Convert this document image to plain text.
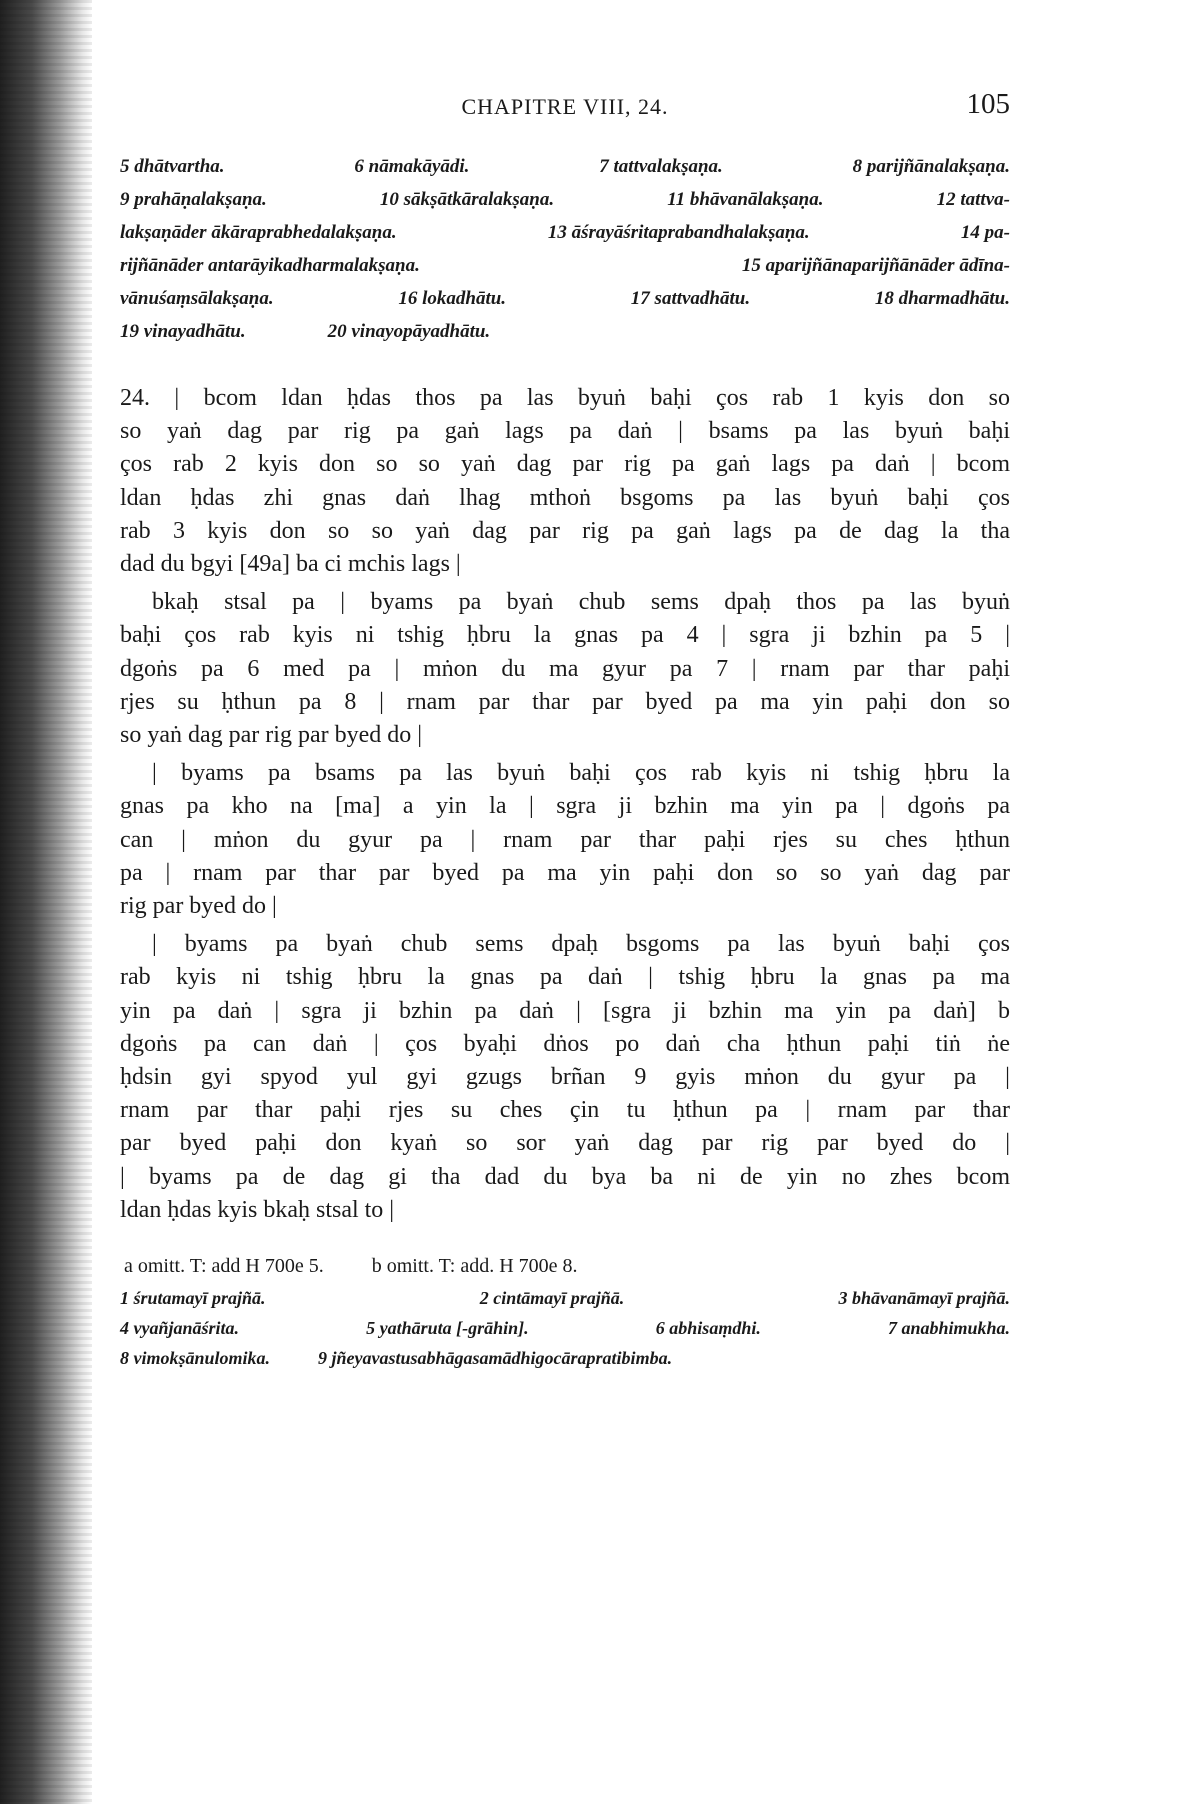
CHAPITRE VIII, 24.	105
5 dhātvartha.	6 nāmakāyādi.	7 tattvalakṣaṇa.	8 parijñānalakṣaṇa.
9 prahāṇalakṣaṇa.	10 sākṣātkāralakṣaṇa.	11 bhāvanālakṣaṇa.	12 tattva-
lakṣaṇāder ākāraprabhedalakṣaṇa.	13 āśrayāśritaprabandhalakṣaṇa.	14 pa-
rijñānāder antarāyikadharmalakṣaṇa.	15 aparijñānaparijñānāder ādīna-
vānuśaṃsālakṣaṇa.	16 lokadhātu.	17 sattvadhātu.	18 dharmadhātu.
19 vinayadhātu.	20 vinayopāyadhātu.
24. | bcom ldan ḥdas thos pa las byuṅ baḥi ços rab 1 kyis don so
so yaṅ dag par rig pa gaṅ lags pa daṅ | bsams pa las byuṅ baḥi
ços rab 2 kyis don so so yaṅ dag par rig pa gaṅ lags pa daṅ | bcom
ldan ḥdas zhi gnas daṅ lhag mthoṅ bsgoms pa las byuṅ baḥi ços
rab 3 kyis don so so yaṅ dag par rig pa gaṅ lags pa de dag la tha
dad du bgyi [49a] ba ci mchis lags |
bkaḥ stsal pa | byams pa byaṅ chub sems dpaḥ thos pa las byuṅ
baḥi ços rab kyis ni tshig ḥbru la gnas pa 4 | sgra ji bzhin pa 5 |
dgoṅs pa 6 med pa | mṅon du ma gyur pa 7 | rnam par thar paḥi
rjes su ḥthun pa 8 | rnam par thar par byed pa ma yin paḥi don so
so yaṅ dag par rig par byed do |
| byams pa bsams pa las byuṅ baḥi ços rab kyis ni tshig ḥbru la
gnas pa kho na [ma] a yin la | sgra ji bzhin ma yin pa | dgoṅs pa
can | mṅon du gyur pa | rnam par thar paḥi rjes su ches ḥthun
pa | rnam par thar par byed pa ma yin paḥi don so so yaṅ dag par
rig par byed do |
| byams pa byaṅ chub sems dpaḥ bsgoms pa las byuṅ baḥi ços
rab kyis ni tshig ḥbru la gnas pa daṅ | tshig ḥbru la gnas pa ma
yin pa daṅ | sgra ji bzhin pa daṅ | [sgra ji bzhin ma yin pa daṅ] b
dgoṅs pa can daṅ | ços byaḥi dṅos po daṅ cha ḥthun paḥi tiṅ ṅe
ḥdsin gyi spyod yul gyi gzugs brñan 9 gyis mṅon du gyur pa |
rnam par thar paḥi rjes su ches çin tu ḥthun pa | rnam par thar
par byed paḥi don kyaṅ so sor yaṅ dag par rig par byed do |
| byams pa de dag gi tha dad du bya ba ni de yin no zhes bcom
ldan ḥdas kyis bkaḥ stsal to |
a omitt. T: add H 700e 5. b omitt. T: add. H 700e 8.
1 śrutamayī prajñā.	2 cintāmayī prajñā.	3 bhāvanāmayī prajñā.
4 vyañjanāśrita.	5 yathāruta [-grāhin].	6 abhisaṃdhi.	7 anabhimukha.
8 vimokṣānulomika.	9 jñeyavastusabhāgasamādhigocārapratibimba.
